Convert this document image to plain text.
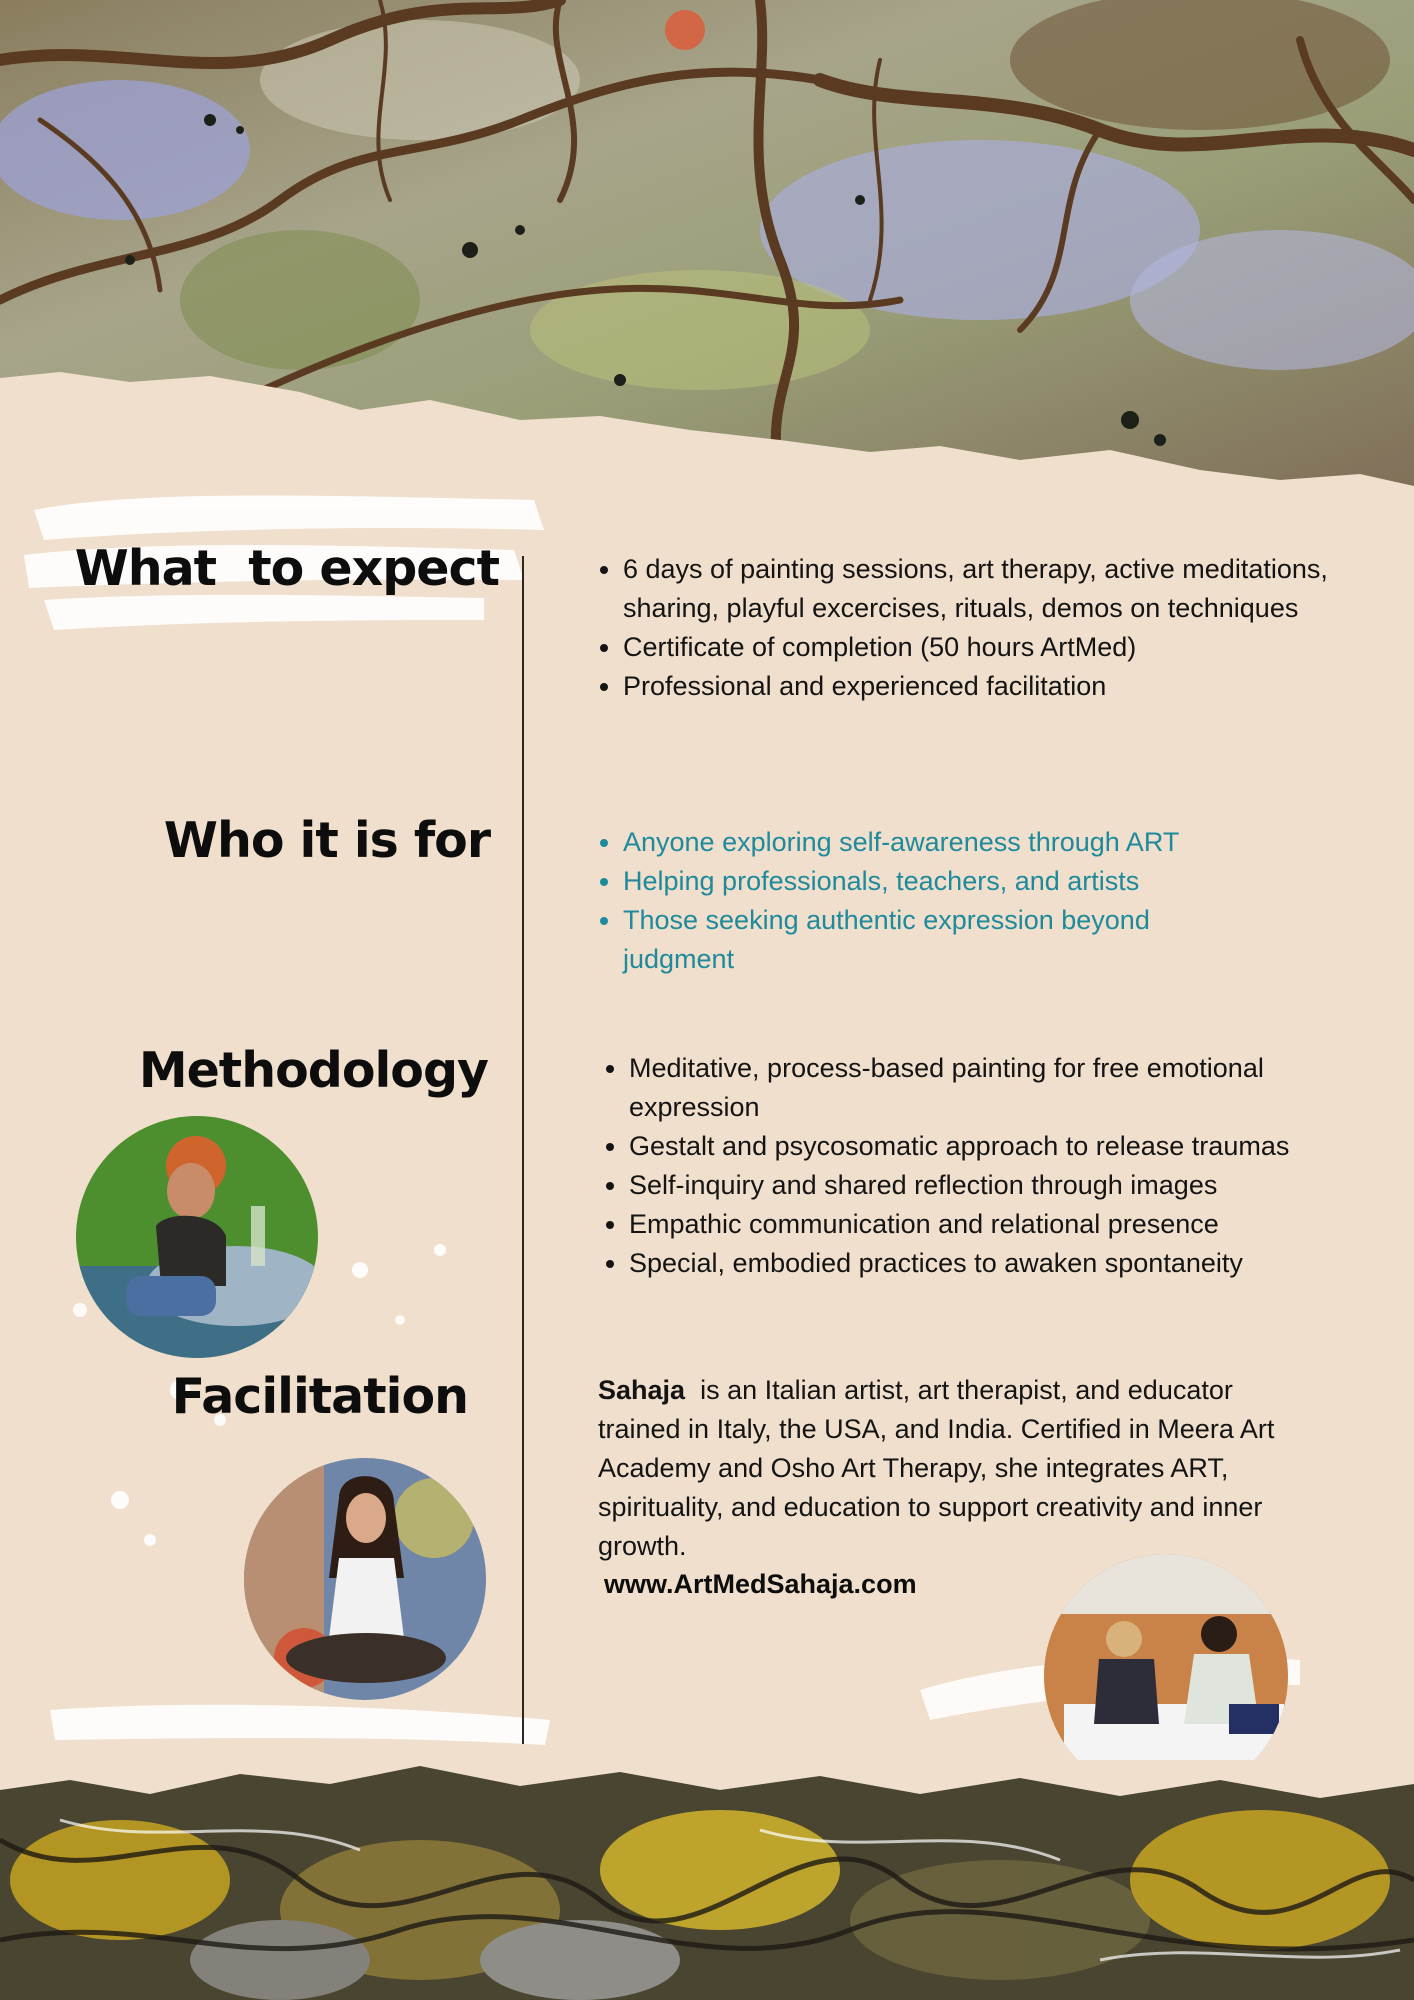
What  to expect
Who it is for
Methodology
Facilitation
• 6 days of painting sessions, art therapy, active meditations, sharing, playful excercises, rituals, demos on techniques
• Certificate of completion (50 hours ArtMed)
• Professional and experienced facilitation
• Anyone exploring self-awareness through ART
• Helping professionals, teachers, and artists
• Those seeking authentic expression beyond judgment
• Meditative, process-based painting for free emotional expression
• Gestalt and psycosomatic approach to release traumas
• Self-inquiry and shared reflection through images
• Empathic communication and relational presence
• Special, embodied practices to awaken spontaneity

Sahaja  is an Italian artist, art therapist, and educator trained in Italy, the USA, and India. Certified in Meera Art Academy and Osho Art Therapy, she integrates ART, spirituality, and education to support creativity and inner growth.

www.ArtMedSahaja.com
